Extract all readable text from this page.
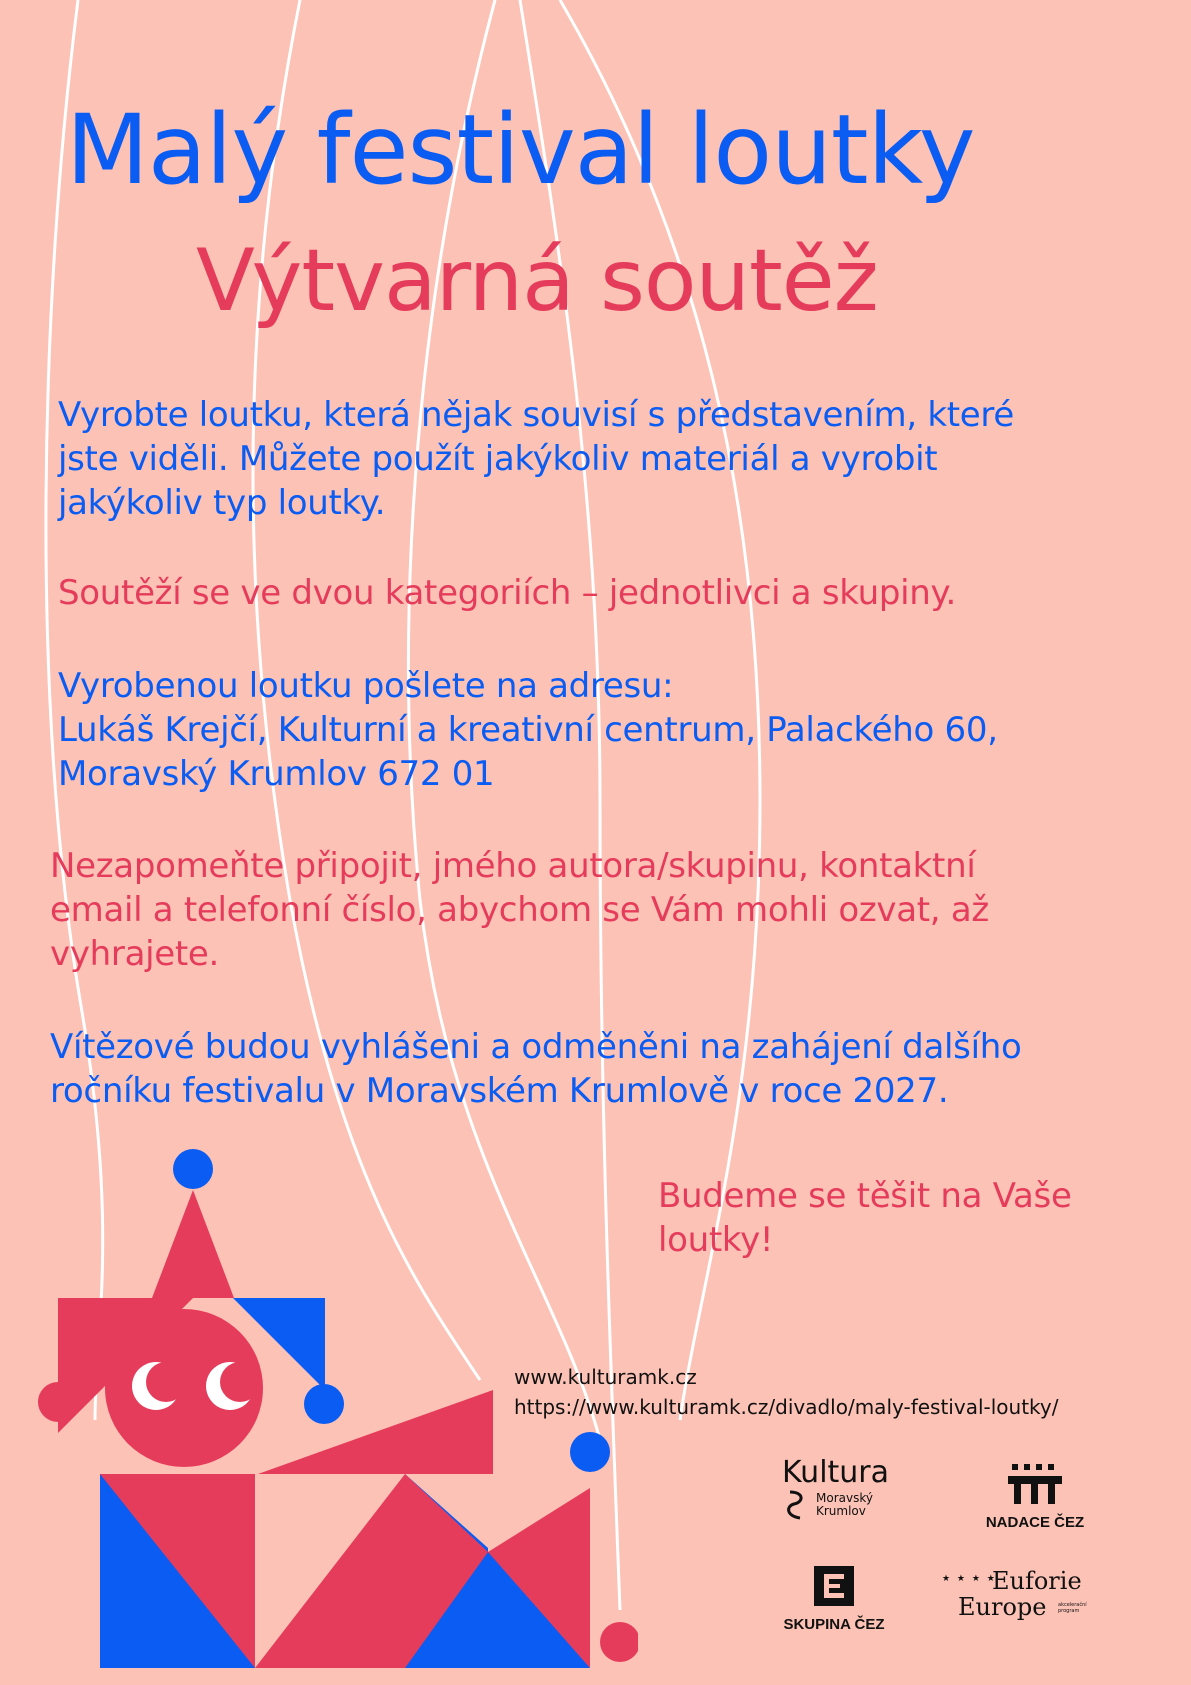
Malý festival loutky
Výtvarná soutěž

Vyrobte loutku, která nějak souvisí s představením, které
jste viděli. Můžete použít jakýkoliv materiál a vyrobit
jakýkoliv typ loutky.

Soutěží se ve dvou kategoriích – jednotlivci a skupiny.

Vyrobenou loutku pošlete na adresu:
Lukáš Krejčí, Kulturní a kreativní centrum, Palackého 60,
Moravský Krumlov 672 01

Nezapomeňte připojit, jmého autora/skupinu, kontaktní
email a telefonní číslo, abychom se Vám mohli ozvat, až
vyhrajete.

Vítězové budou vyhlášeni a odměněni na zahájení dalšího
ročníku festivalu v Moravském Krumlově v roce 2027.

Budeme se těšit na Vaše
loutky!

www.kulturamk.cz
https://www.kulturamk.cz/divadlo/maly-festival-loutky/
Kultura
Moravský
Krumlov
NADACE ČEZ
SKUPINA ČEZ
★ ★ ★ ★
Euforie
Europe	akcelerační program
